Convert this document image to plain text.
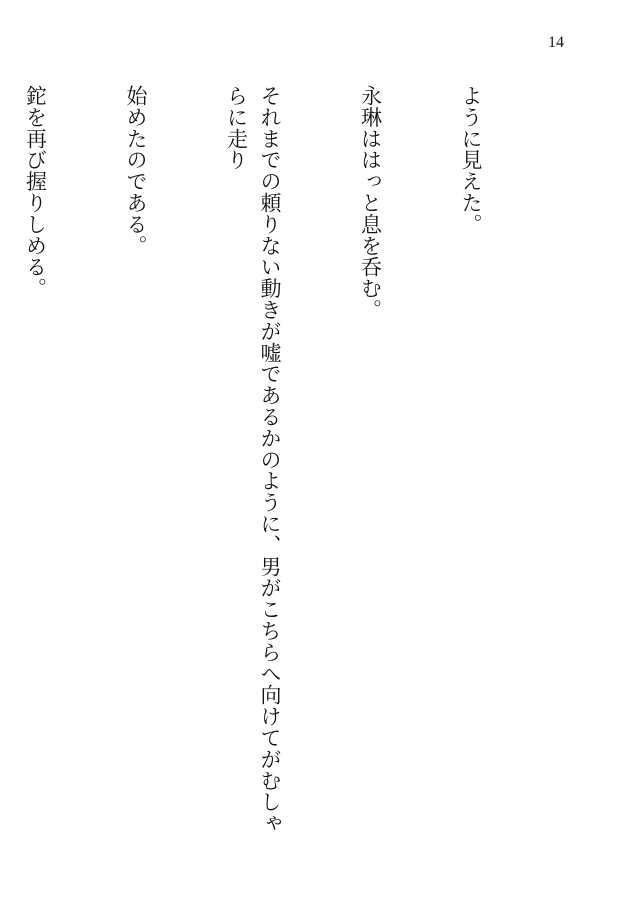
14

ように見えた。

永琳ははっと息を呑む。

それまでの頼りない動きが嘘であるかのように、男がこちらへ向けてがむしゃらに走り

始めたのである。

鉈を再び握りしめる。
